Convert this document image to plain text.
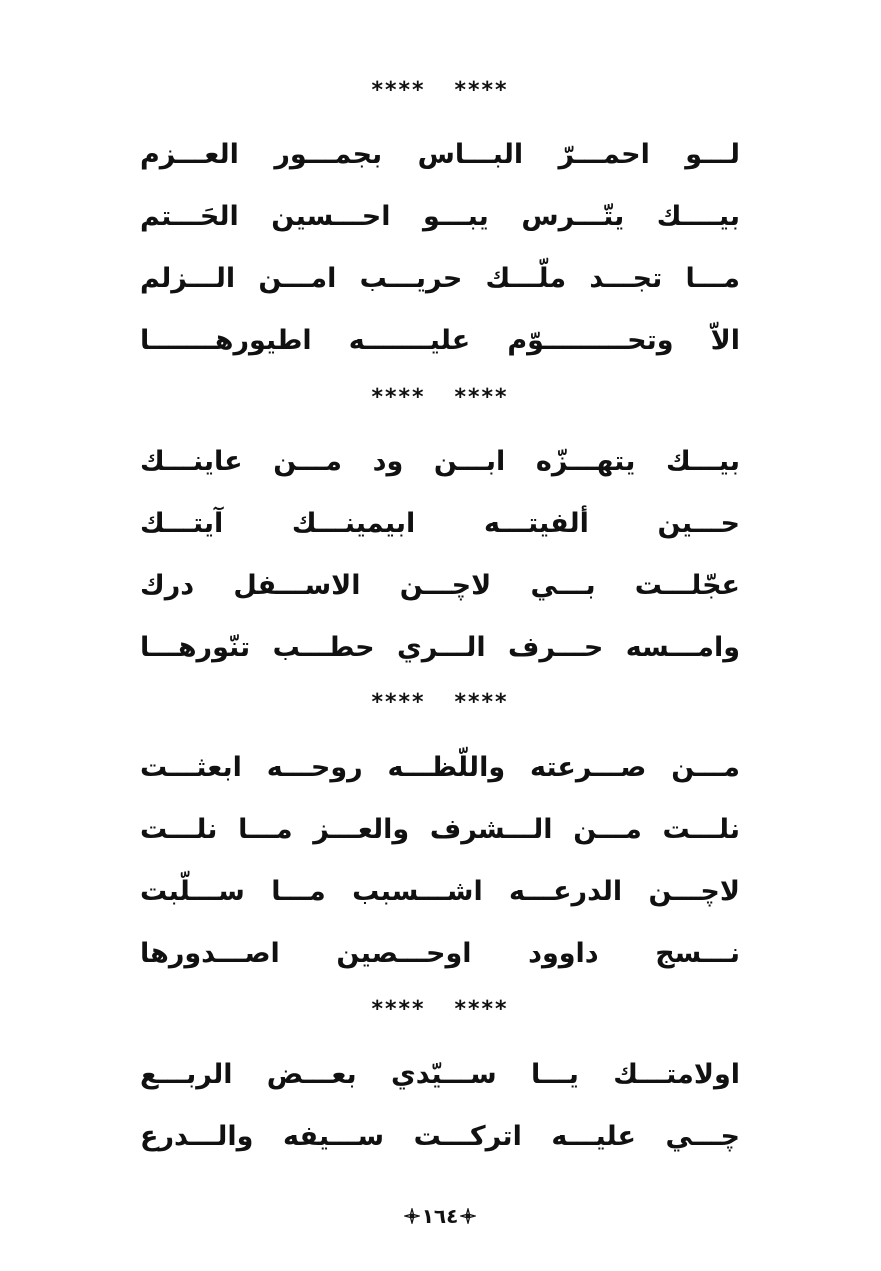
****   ****
لـــو احمـــرّ البـــاس بجمـــور العـــزم
بيــــك يتّـــرس يبـــو احـــسين الحَـــتم
مـــا تجـــد ملّـــك حريـــب امـــن الـــزلم
الاّ وتحـــــــــوّم عليـــــــه اطيورهـــــــا
****   ****
بيـــك يتهـــزّه ابـــن ود مـــن عاينـــك
حـــين ألفيتـــه ابيمينـــك آيتـــك
عجّلـــت بـــي لاچـــن الاســـفل درك
وامـــسه حـــرف الـــري حطـــب تنّورهـــا
****   ****
مـــن صـــرعته واللّظـــه روحـــه ابعثـــت
نلـــت مـــن الـــشرف والعـــز مـــا نلـــت
لاچـــن الدرعـــه اشـــسبب مـــا ســـلّبت
نـــسج داوود اوحـــصين اصـــدورها
****   ****
اولامتـــك يـــا ســـيّدي بعـــض الربـــع
چـــي عليـــه اتركـــت ســـيفه والـــدرع
١٦٤
